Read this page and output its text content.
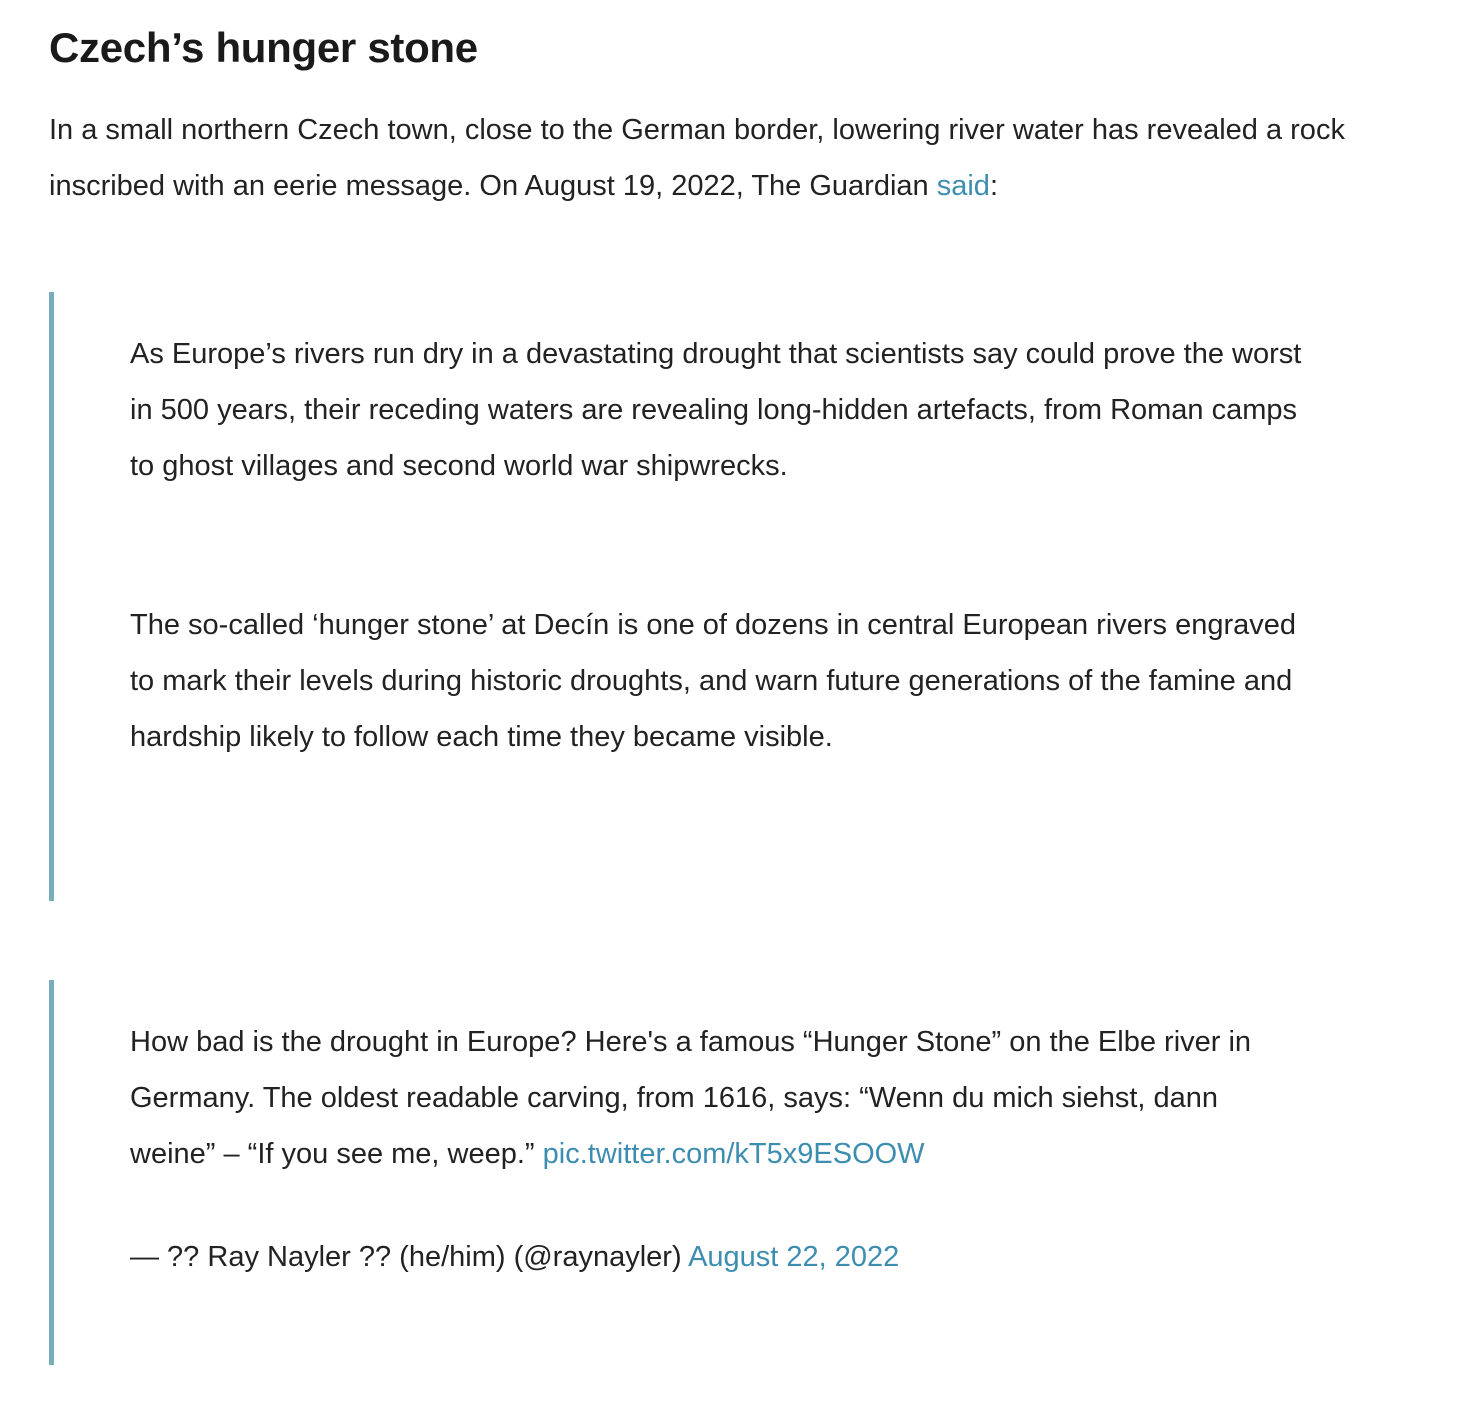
Czech’s hunger stone

In a small northern Czech town, close to the German border, lowering river water has revealed a rock inscribed with an eerie message. On August 19, 2022, The Guardian said:

As Europe’s rivers run dry in a devastating drought that scientists say could prove the worst in 500 years, their receding waters are revealing long-hidden artefacts, from Roman camps to ghost villages and second world war shipwrecks.

The so-called ‘hunger stone’ at Decín is one of dozens in central European rivers engraved to mark their levels during historic droughts, and warn future generations of the famine and hardship likely to follow each time they became visible.

How bad is the drought in Europe? Here's a famous “Hunger Stone” on the Elbe river in Germany. The oldest readable carving, from 1616, says: “Wenn du mich siehst, dann weine” – “If you see me, weep.” pic.twitter.com/kT5x9ESOOW

— ?? Ray Nayler ?? (he/him) (@raynayler) August 22, 2022
